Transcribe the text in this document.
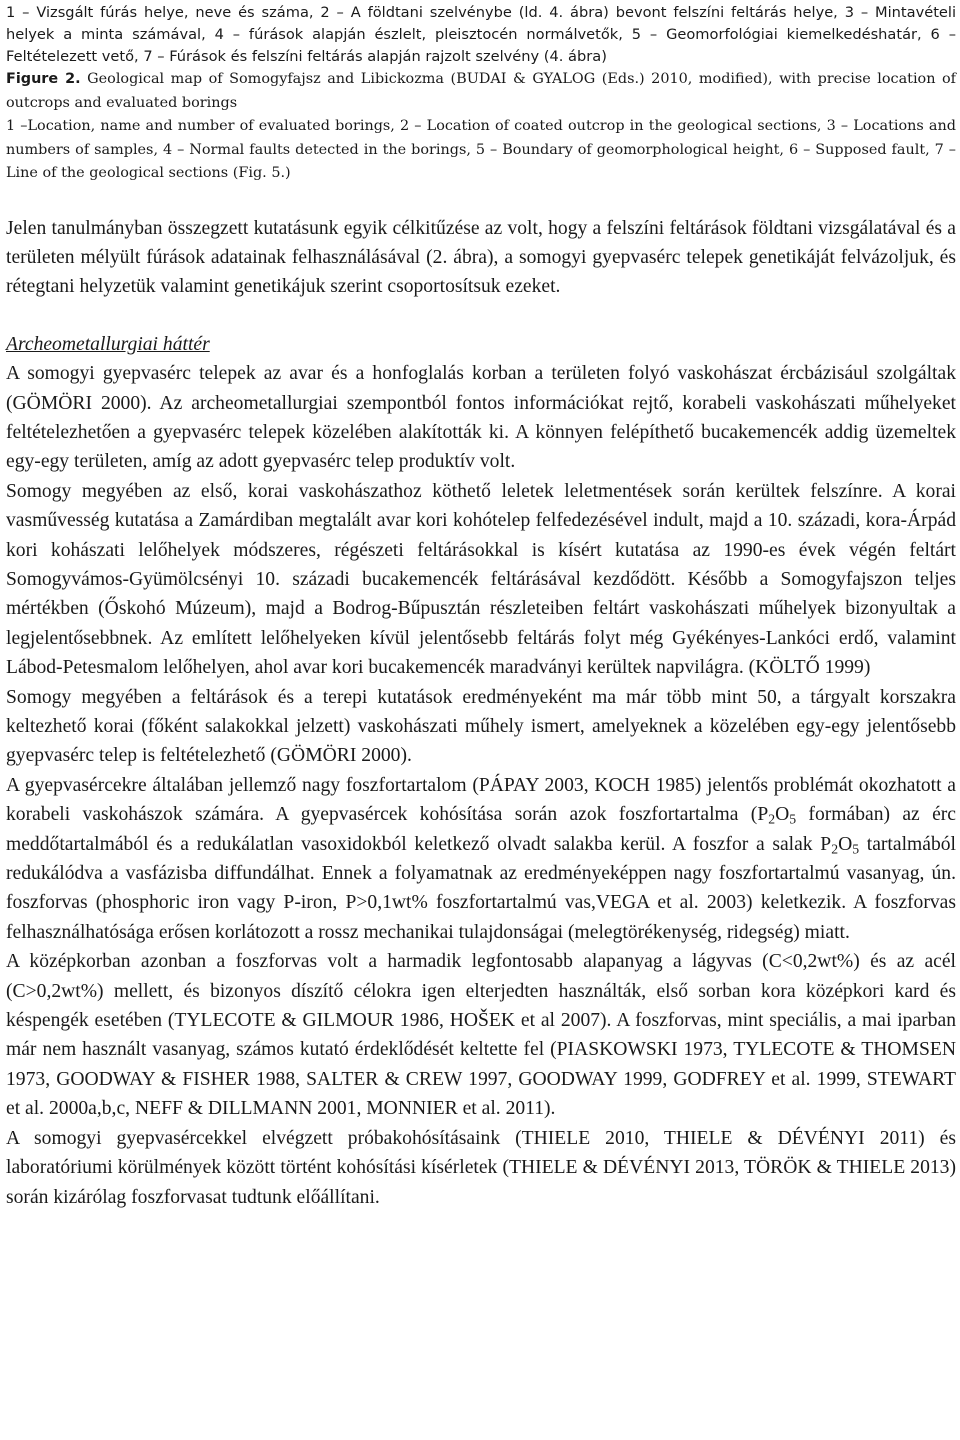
1 – Vizsgált fúrás helye, neve és száma, 2 – A földtani szelvénybe (ld. 4. ábra) bevont felszíni feltárás helye, 3 – Mintavételi helyek a minta számával, 4 – fúrások alapján észlelt, pleisztocén normálvetők, 5 – Geomorfológiai kiemelkedéshatár, 6 – Feltételezett vető, 7 – Fúrások és felszíni feltárás alapján rajzolt szelvény (4. ábra)

Figure 2. Geological map of Somogyfajsz and Libickozma (BUDAI & GYALOG (Eds.) 2010, modified), with precise location of outcrops and evaluated borings
1 –Location, name and number of evaluated borings, 2 – Location of coated outcrop in the geological sections, 3 – Locations and numbers of samples, 4 – Normal faults detected in the borings, 5 – Boundary of geomorphological height, 6 – Supposed fault, 7 – Line of the geological sections (Fig. 5.)

Jelen tanulmányban összegzett kutatásunk egyik célkitűzése az volt, hogy a felszíni feltárások földtani vizsgálatával és a területen mélyült fúrások adatainak felhasználásával (2. ábra), a somogyi gyepvasérc telepek genetikáját felvázoljuk, és rétegtani helyzetük valamint genetikájuk szerint csoportosítsuk ezeket.

Archeometallurgiai háttér

A somogyi gyepvasérc telepek az avar és a honfoglalás korban a területen folyó vaskohászat ércbázisául szolgáltak (GÖMÖRI 2000). Az archeometallurgiai szempontból fontos információkat rejtő, korabeli vaskohászati műhelyeket feltételezhetően a gyepvasérc telepek közelében alakították ki. A könnyen felépíthető bucakemencék addig üzemeltek egy-egy területen, amíg az adott gyepvasérc telep produktív volt.

Somogy megyében az első, korai vaskohászathoz köthető leletek leletmentések során kerültek felszínre. A korai vasművesség kutatása a Zamárdiban megtalált avar kori kohótelep felfedezésével indult, majd a 10. századi, kora-Árpád kori kohászati lelőhelyek módszeres, régészeti feltárásokkal is kísért kutatása az 1990-es évek végén feltárt Somogyvámos-Gyümölcsényi 10. századi bucakemencék feltárásával kezdődött. Később a Somogyfajszon teljes mértékben (Őskohó Múzeum), majd a Bodrog-Bűpusztán részleteiben feltárt vaskohászati műhelyek bizonyultak a legjelentősebbnek. Az említett lelőhelyeken kívül jelentősebb feltárás folyt még Gyékényes-Lankóci erdő, valamint Lábod-Petesmalom lelőhelyen, ahol avar kori bucakemencék maradványi kerültek napvilágra. (KÖLTŐ 1999)

Somogy megyében a feltárások és a terepi kutatások eredményeként ma már több mint 50, a tárgyalt korszakra keltezhető korai (főként salakokkal jelzett) vaskohászati műhely ismert, amelyeknek a közelében egy-egy jelentősebb gyepvasérc telep is feltételezhető (GÖMÖRI 2000).

A gyepvasércekre általában jellemző nagy foszfortartalom (PÁPAY 2003, KOCH 1985) jelentős problémát okozhatott a korabeli vaskohászok számára. A gyepvasércek kohósítása során azok foszfortartalma ($P_2O_5$ formában) az érc meddőtartalmából és a redukálatlan vasoxidokból keletkező olvadt salakba kerül. A foszfor a salak $P_2O_5$ tartalmából redukálódva a vasfázisba diffundálhat. Ennek a folyamatnak az eredményeképpen nagy foszfortartalmú vasanyag, ún. foszforvas (phosphoric iron vagy P-iron, P>0,1wt% foszfortartalmú vas,VEGA et al. 2003) keletkezik. A foszforvas felhasználhatósága erősen korlátozott a rossz mechanikai tulajdonságai (melegtörékenység, ridegség) miatt.

A középkorban azonban a foszforvas volt a harmadik legfontosabb alapanyag a lágyvas (C<0,2wt%) és az acél (C>0,2wt%) mellett, és bizonyos díszítő célokra igen elterjedten használták, első sorban kora középkori kard és késpengék esetében (TYLECOTE & GILMOUR 1986, HOŠEK et al 2007). A foszforvas, mint speciális, a mai iparban már nem használt vasanyag, számos kutató érdeklődését keltette fel (PIASKOWSKI 1973, TYLECOTE & THOMSEN 1973, GOODWAY & FISHER 1988, SALTER & CREW 1997, GOODWAY 1999, GODFREY et al. 1999, STEWART et al. 2000a,b,c, NEFF & DILLMANN 2001, MONNIER et al. 2011).

A somogyi gyepvasércekkel elvégzett próbakohósításaink (THIELE 2010, THIELE & DÉVÉNYI 2011) és laboratóriumi körülmények között történt kohósítási kísérletek (THIELE & DÉVÉNYI 2013, TÖRÖK & THIELE 2013) során kizárólag foszforvasat tudtunk előállítani.
